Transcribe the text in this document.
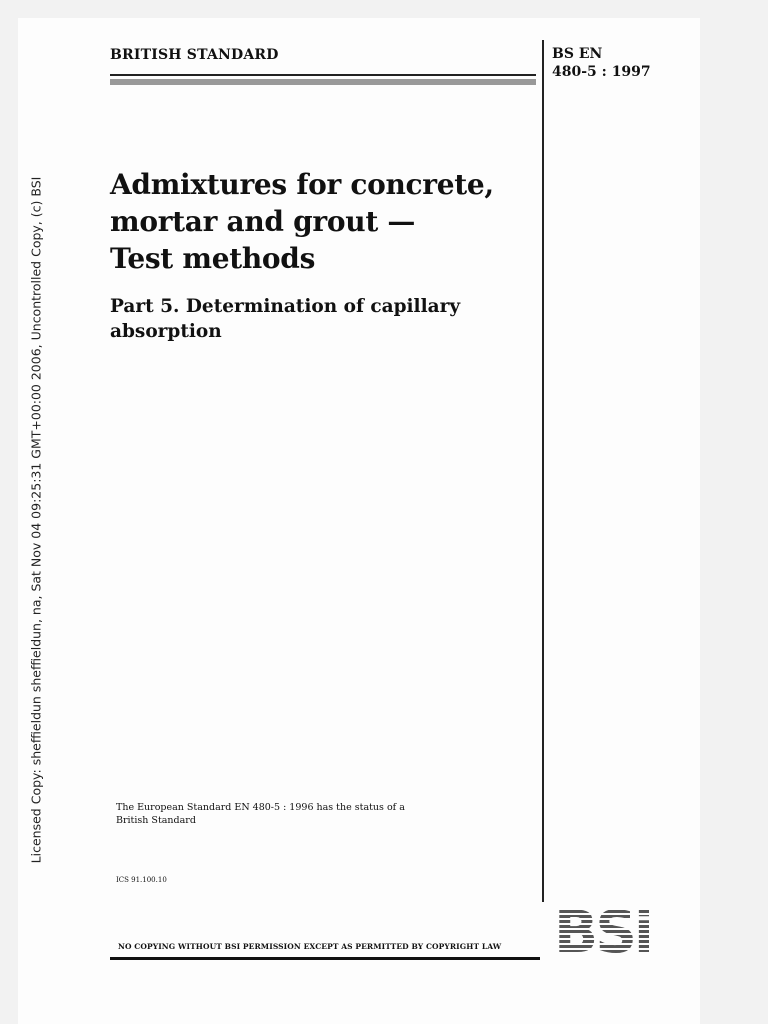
Licensed Copy: sheffieldun sheffieldun, na, Sat Nov 04 09:25:31 GMT+00:00 2006, Uncontrolled Copy, (c) BSI
BRITISH STANDARD	BS EN
480-5 : 1997
Admixtures for concrete,
mortar and grout —
Test methods
Part 5. Determination of capillary
absorption
The European Standard EN 480-5 : 1996 has the status of a
British Standard
ICS 91.100.10
NO COPYING WITHOUT BSI PERMISSION EXCEPT AS PERMITTED BY COPYRIGHT LAW BSi
